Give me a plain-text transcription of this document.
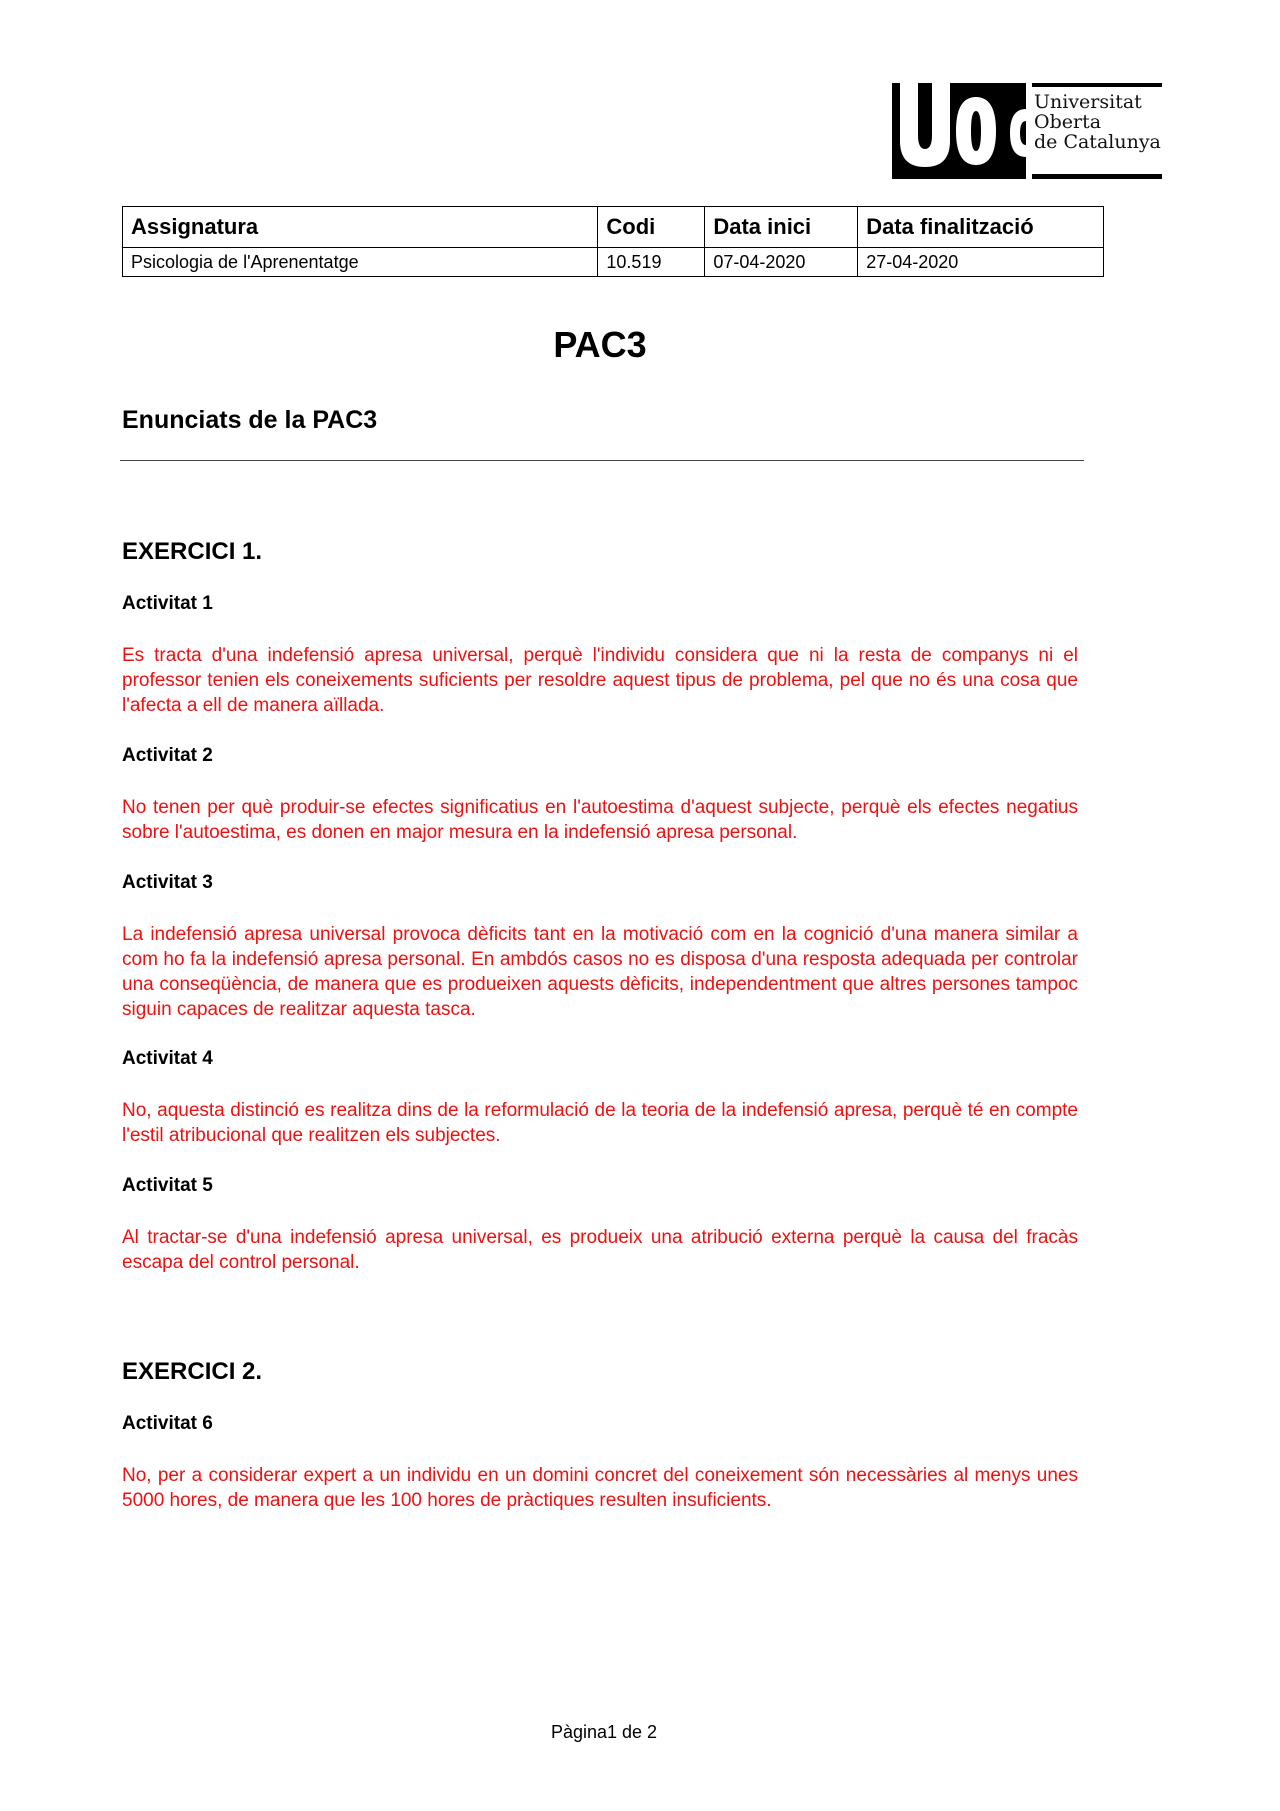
Universitat
Oberta
de Catalunya
Assignatura	Codi	Data inici	Data finalització
Psicologia de l'Aprenentatge	10.519	07-04-2020	27-04-2020
PAC3
Enunciats de la PAC3
EXERCICI 1.
Activitat 1
Es tracta d'una indefensió apresa universal, perquè l'individu considera que ni la resta de companys ni el professor tenien els coneixements suficients per resoldre aquest tipus de problema, pel que no és una cosa que l'afecta a ell de manera aïllada.
Activitat 2
No tenen per què produir-se efectes significatius en l'autoestima d'aquest subjecte, perquè els efectes negatius sobre l'autoestima, es donen en major mesura en la indefensió apresa personal.
Activitat 3
La indefensió apresa universal provoca dèficits tant en la motivació com en la cognició d'una manera similar a com ho fa la indefensió apresa personal. En ambdós casos no es disposa d'una resposta adequada per controlar una conseqüència, de manera que es produeixen aquests dèficits, independentment que altres persones tampoc siguin capaces de realitzar aquesta tasca.
Activitat 4
No, aquesta distinció es realitza dins de la reformulació de la teoria de la indefensió apresa, perquè té en compte l'estil atribucional que realitzen els subjectes.
Activitat 5
Al tractar-se d'una indefensió apresa universal, es produeix una atribució externa perquè la causa del fracàs escapa del control personal.
EXERCICI 2.
Activitat 6
No, per a considerar expert a un individu en un domini concret del coneixement són necessàries al menys unes 5000 hores, de manera que les 100 hores de pràctiques resulten insuficients.
Pàgina1 de 2
